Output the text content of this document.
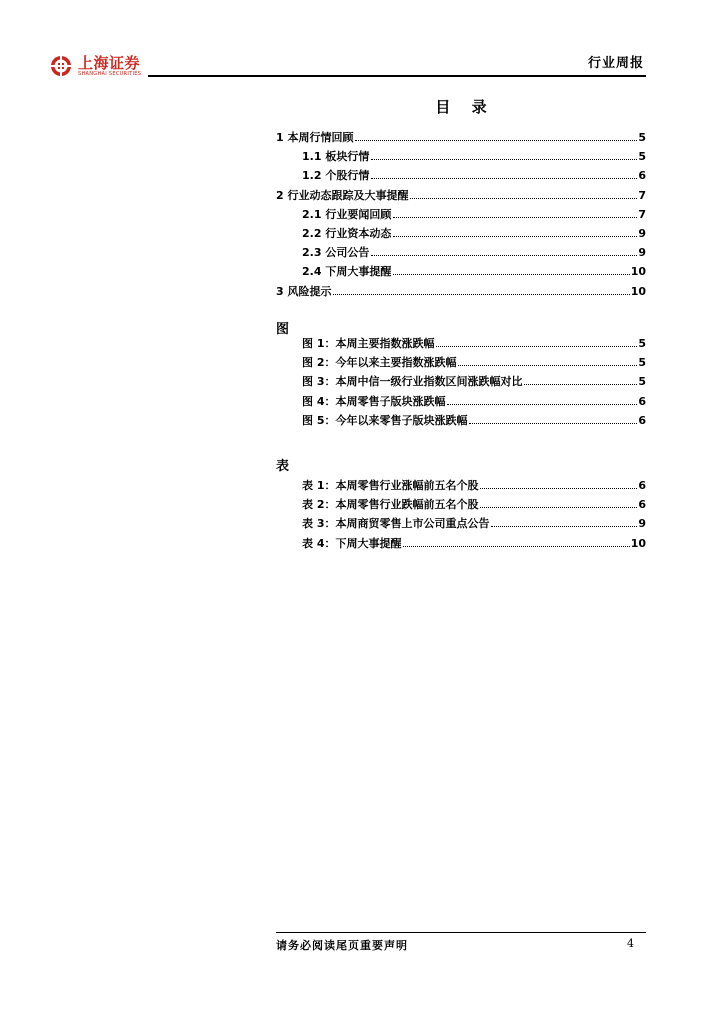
上海证券
SHANGHAI SECURITIES
行业周报
目 录
1 本周行情回顾	5
1.1 板块行情	5
1.2 个股行情	6
2 行业动态跟踪及大事提醒	7
2.1 行业要闻回顾	7
2.2 行业资本动态	9
2.3 公司公告	9
2.4 下周大事提醒	10
3 风险提示	10
图
图 1：本周主要指数涨跌幅	5
图 2：今年以来主要指数涨跌幅	5
图 3：本周中信一级行业指数区间涨跌幅对比	5
图 4：本周零售子版块涨跌幅	6
图 5：今年以来零售子版块涨跌幅	6
表
表 1：本周零售行业涨幅前五名个股	6
表 2：本周零售行业跌幅前五名个股	6
表 3：本周商贸零售上市公司重点公告	9
表 4：下周大事提醒	10
请务必阅读尾页重要声明	4
